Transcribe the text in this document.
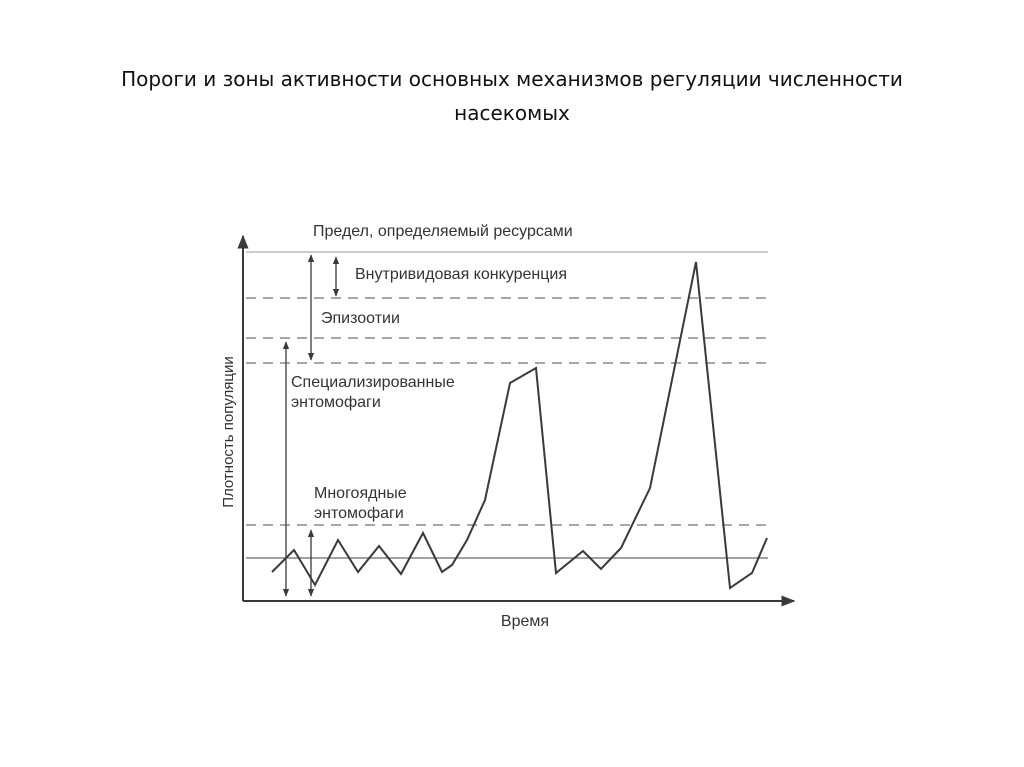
Пороги и зоны активности основных механизмов регуляции численности
насекомых
Предел, определяемый ресурсами
Внутривидовая конкуренция
Эпизоотии
Специализированные
энтомофаги
Многоядные
энтомофаги
Время
Плотность популяции
